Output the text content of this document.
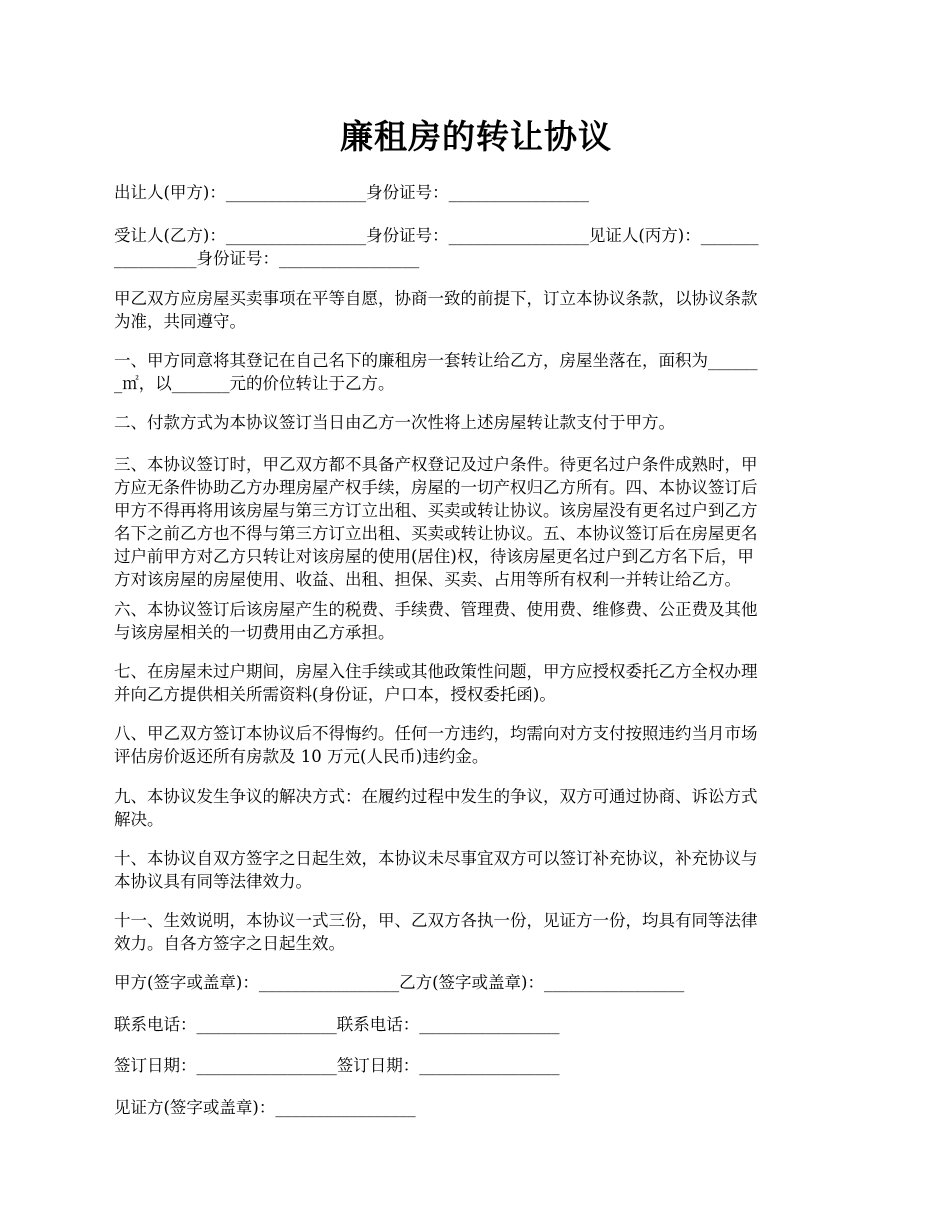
廉租房的转让协议

出让人(甲方)：_________________身份证号：_________________

受让人(乙方)：_________________身份证号：_________________见证人(丙方)：_______
__________身份证号：_________________

甲乙双方应房屋买卖事项在平等自愿，协商一致的前提下，订立本协议条款，以协议条款
为准，共同遵守。

一、甲方同意将其登记在自己名下的廉租房一套转让给乙方，房屋坐落在，面积为______
_㎡，以_______元的价位转让于乙方。

二、付款方式为本协议签订当日由乙方一次性将上述房屋转让款支付于甲方。

三、本协议签订时，甲乙双方都不具备产权登记及过户条件。待更名过户条件成熟时，甲
方应无条件协助乙方办理房屋产权手续，房屋的一切产权归乙方所有。四、本协议签订后
甲方不得再将用该房屋与第三方订立出租、买卖或转让协议。该房屋没有更名过户到乙方
名下之前乙方也不得与第三方订立出租、买卖或转让协议。五、本协议签订后在房屋更名
过户前甲方对乙方只转让对该房屋的使用(居住)权，待该房屋更名过户到乙方名下后，甲
方对该房屋的房屋使用、收益、出租、担保、买卖、占用等所有权利一并转让给乙方。

六、本协议签订后该房屋产生的税费、手续费、管理费、使用费、维修费、公正费及其他
与该房屋相关的一切费用由乙方承担。

七、在房屋未过户期间，房屋入住手续或其他政策性问题，甲方应授权委托乙方全权办理
并向乙方提供相关所需资料(身份证，户口本，授权委托函)。

八、甲乙双方签订本协议后不得悔约。任何一方违约，均需向对方支付按照违约当月市场
评估房价返还所有房款及 10 万元(人民币)违约金。

九、本协议发生争议的解决方式：在履约过程中发生的争议，双方可通过协商、诉讼方式
解决。

十、本协议自双方签字之日起生效，本协议未尽事宜双方可以签订补充协议，补充协议与
本协议具有同等法律效力。

十一、生效说明，本协议一式三份，甲、乙双方各执一份，见证方一份，均具有同等法律
效力。自各方签字之日起生效。

甲方(签字或盖章)：_________________乙方(签字或盖章)：_________________

联系电话：_________________联系电话：_________________

签订日期：_________________签订日期：_________________

见证方(签字或盖章)：_________________
